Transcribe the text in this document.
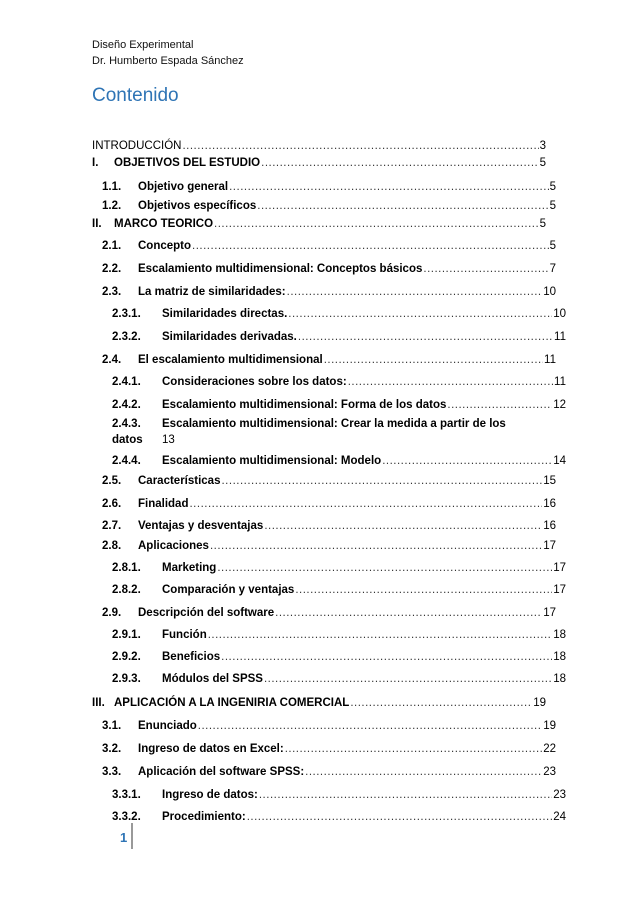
Diseño Experimental
Dr. Humberto Espada Sánchez
Contenido
INTRODUCCIÓN .....	3
I.	OBJETIVOS DEL ESTUDIO .....	5
1.1.	Objetivo general .....	5
1.2.	Objetivos específicos .....	5
II.	MARCO TEORICO .....	5
2.1.	Concepto .....	5
2.2.	Escalamiento multidimensional: Conceptos básicos .....	7
2.3.	La matriz de similaridades: .....	10
2.3.1.	Similaridades directas. .....	10
2.3.2.	Similaridades derivadas. .....	11
2.4.	El escalamiento multidimensional .....	11
2.4.1.	Consideraciones sobre los datos: .....	11
2.4.2.	Escalamiento multidimensional: Forma de los datos .....	12
2.4.3. Escalamiento multidimensional: Crear la medida a partir de los
datos 13
2.4.4.	Escalamiento multidimensional: Modelo .....	14
2.5.	Características .....	15
2.6.	Finalidad .....	16
2.7.	Ventajas y desventajas .....	16
2.8.	Aplicaciones .....	17
2.8.1.	Marketing .....	17
2.8.2.	Comparación y ventajas .....	17
2.9.	Descripción del software .....	17
2.9.1.	Función .....	18
2.9.2.	Beneficios .....	18
2.9.3.	Módulos del SPSS .....	18
III. APLICACIÓN A LA INGENIRIA COMERCIAL .....	19
3.1.	Enunciado .....	19
3.2.	Ingreso de datos en Excel: .....	22
3.3.	Aplicación del software SPSS: .....	23
3.3.1.	Ingreso de datos: .....	23
3.3.2.	Procedimiento: .....	24
1
